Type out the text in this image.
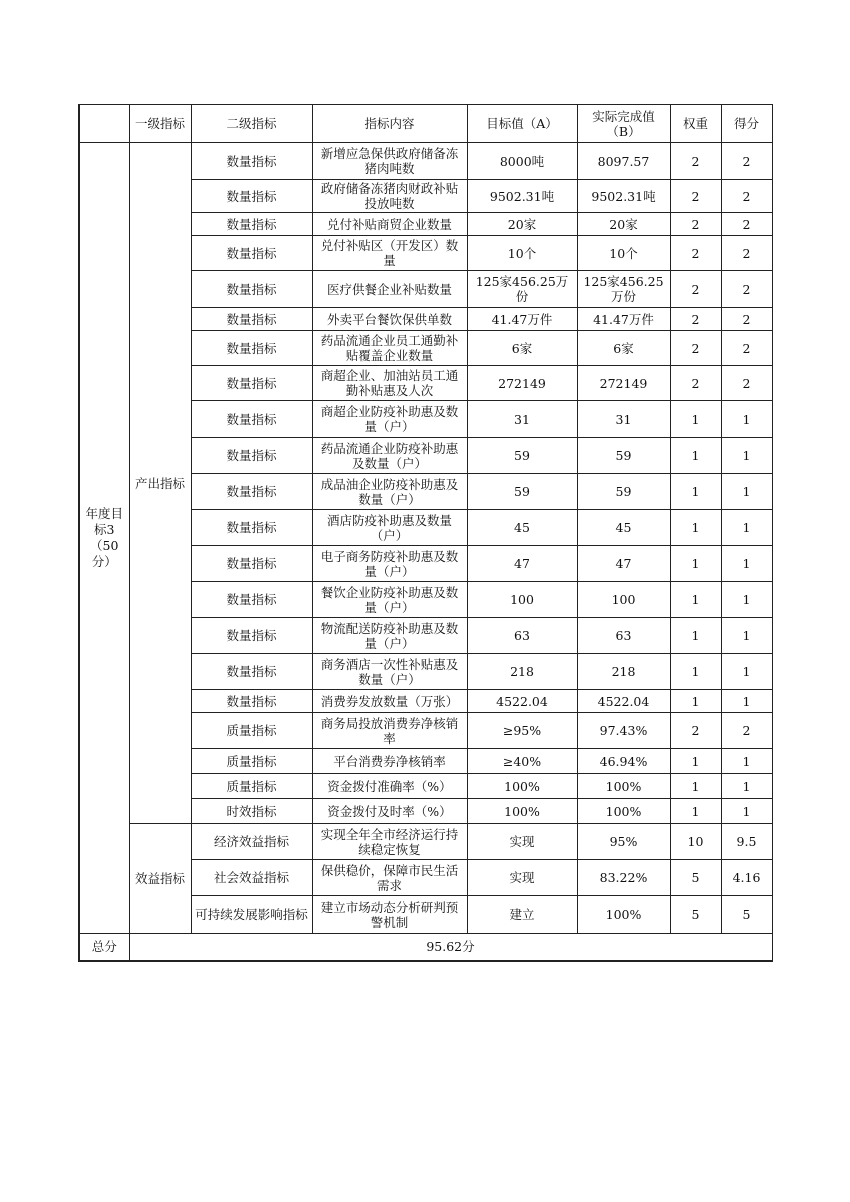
	一级指标	二级指标	指标内容	目标值（A）	实际完成值（B）	权重	得分
年度目标3（50分）	产出指标	数量指标	新增应急保供政府储备冻猪肉吨数	8000吨	8097.57	2	2
		数量指标	政府储备冻猪肉财政补贴投放吨数	9502.31吨	9502.31吨	2	2
		数量指标	兑付补贴商贸企业数量	20家	20家	2	2
		数量指标	兑付补贴区（开发区）数量	10个	10个	2	2
		数量指标	医疗供餐企业补贴数量	125家456.25万份	125家456.25万份	2	2
		数量指标	外卖平台餐饮保供单数	41.47万件	41.47万件	2	2
		数量指标	药品流通企业员工通勤补贴覆盖企业数量	6家	6家	2	2
		数量指标	商超企业、加油站员工通勤补贴惠及人次	272149	272149	2	2
		数量指标	商超企业防疫补助惠及数量（户）	31	31	1	1
		数量指标	药品流通企业防疫补助惠及数量（户）	59	59	1	1
		数量指标	成品油企业防疫补助惠及数量（户）	59	59	1	1
		数量指标	酒店防疫补助惠及数量（户）	45	45	1	1
		数量指标	电子商务防疫补助惠及数量（户）	47	47	1	1
		数量指标	餐饮企业防疫补助惠及数量（户）	100	100	1	1
		数量指标	物流配送防疫补助惠及数量（户）	63	63	1	1
		数量指标	商务酒店一次性补贴惠及数量（户）	218	218	1	1
		数量指标	消费券发放数量（万张）	4522.04	4522.04	1	1
		质量指标	商务局投放消费券净核销率	≥95%	97.43%	2	2
		质量指标	平台消费券净核销率	≥40%	46.94%	1	1
		质量指标	资金拨付准确率（%）	100%	100%	1	1
		时效指标	资金拨付及时率（%）	100%	100%	1	1
	效益指标	经济效益指标	实现全年全市经济运行持续稳定恢复	实现	95%	10	9.5
		社会效益指标	保供稳价，保障市民生活需求	实现	83.22%	5	4.16
		可持续发展影响指标	建立市场动态分析研判预警机制	建立	100%	5	5
总分	95.62分						
